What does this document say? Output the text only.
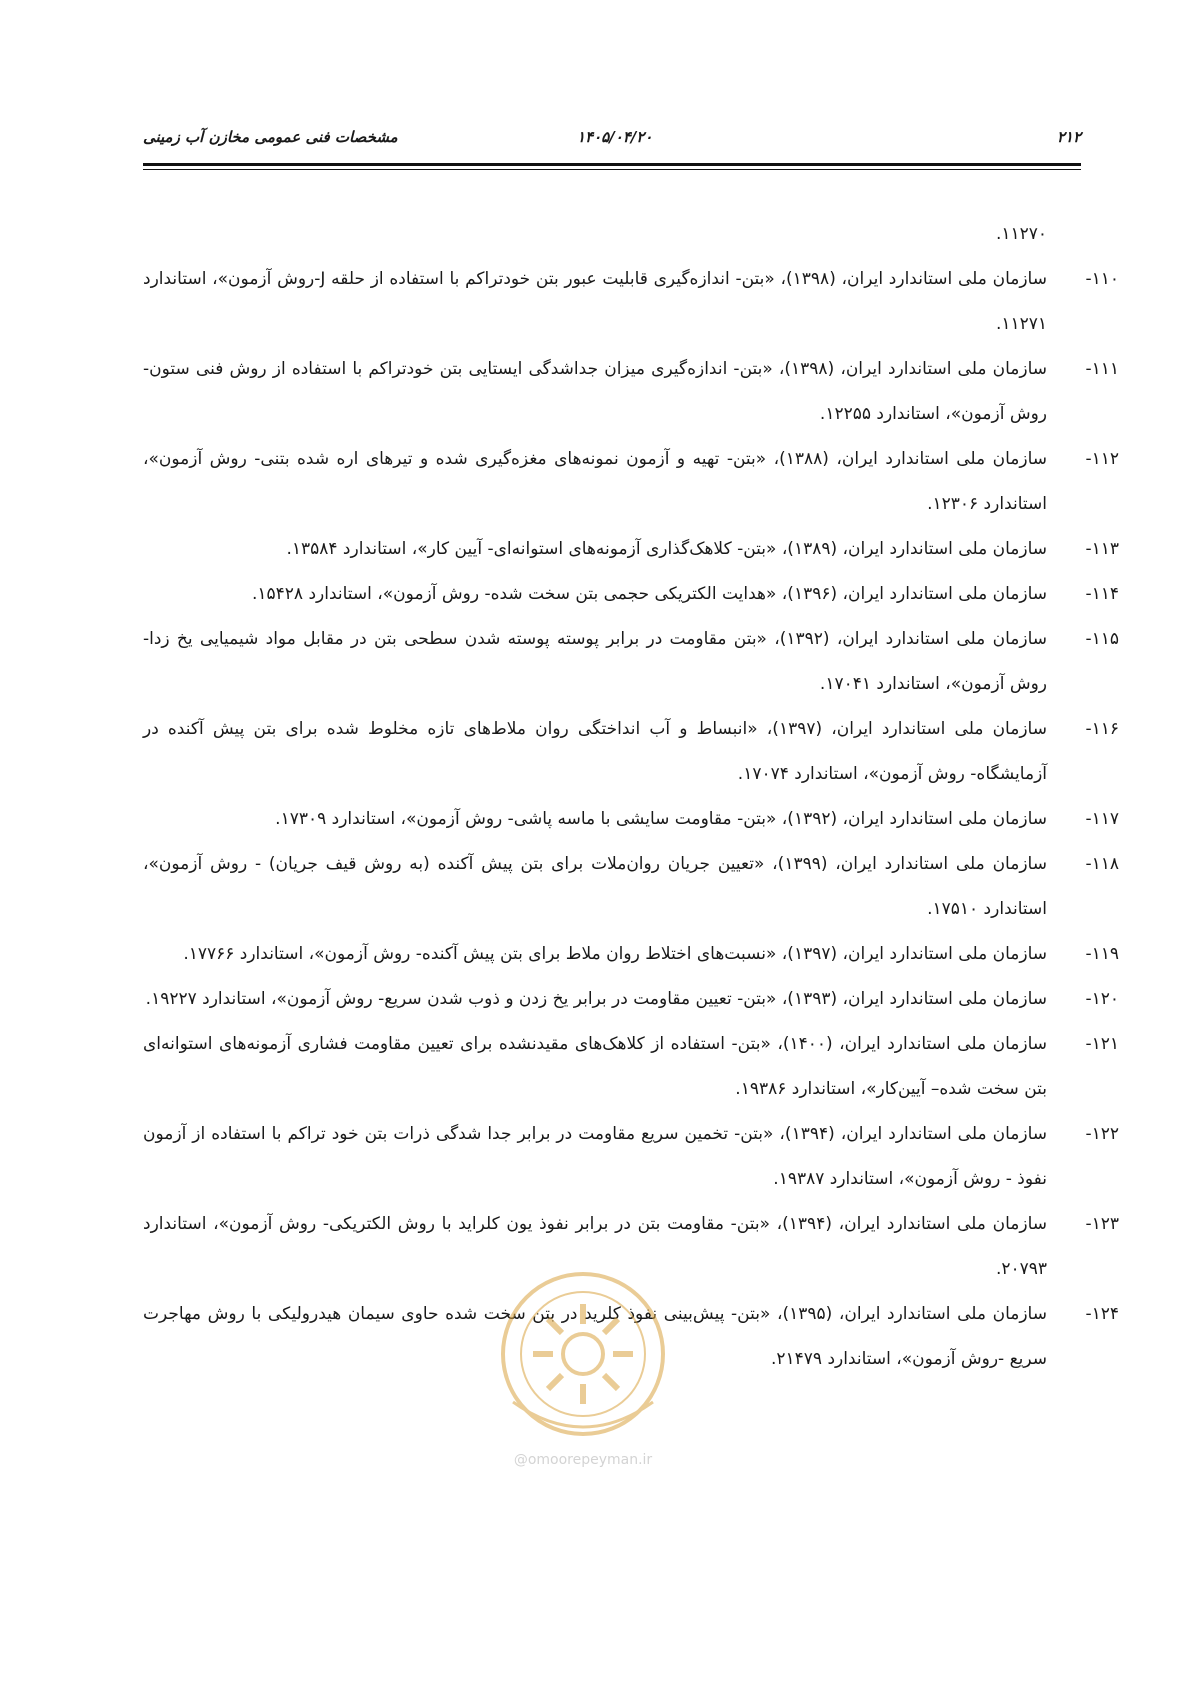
مشخصات فنی عمومی مخازن آب زمینی	۱۴۰۵/۰۴/۲۰	۲۱۲
۱۱۲۷۰.
۱۱۰-
سازمان ملی استاندارد ایران، (۱۳۹۸)، «بتن- اندازه‌گیری قابلیت عبور بتن خودتراکم با استفاده از حلقه J-روش آزمون»، استاندارد ۱۱۲۷۱.
۱۱۱-
سازمان ملی استاندارد ایران، (۱۳۹۸)، «بتن- اندازه‌گیری میزان جداشدگی ایستایی بتن خودتراکم با استفاده از روش فنی ستون- روش آزمون»، استاندارد ۱۲۲۵۵.
۱۱۲-
سازمان ملی استاندارد ایران، (۱۳۸۸)، «بتن- تهیه و آزمون نمونه‌های مغزه‌گیری شده و تیرهای اره شده بتنی- روش آزمون»، استاندارد ۱۲۳۰۶.
۱۱۳-
سازمان ملی استاندارد ایران، (۱۳۸۹)، «بتن- کلاهک‌گذاری آزمونه‌های استوانه‌ای- آیین کار»، استاندارد ۱۳۵۸۴.
۱۱۴-
سازمان ملی استاندارد ایران، (۱۳۹۶)، «هدایت الکتریکی حجمی بتن سخت شده- روش آزمون»، استاندارد ۱۵۴۲۸.
۱۱۵-
سازمان ملی استاندارد ایران، (۱۳۹۲)، «بتن مقاومت در برابر پوسته پوسته شدن سطحی بتن در مقابل مواد شیمیایی یخ زدا- روش آزمون»، استاندارد ۱۷۰۴۱.
۱۱۶-
سازمان ملی استاندارد ایران، (۱۳۹۷)، «انبساط و آب انداختگی روان ملاط‌های تازه مخلوط شده برای بتن پیش آکنده در آزمایشگاه- روش آزمون»، استاندارد ۱۷۰۷۴.
۱۱۷-
سازمان ملی استاندارد ایران، (۱۳۹۲)، «بتن- مقاومت سایشی با ماسه پاشی- روش آزمون»، استاندارد ۱۷۳۰۹.
۱۱۸-
سازمان ملی استاندارد ایران، (۱۳۹۹)، «تعیین جریان روان‌ملات برای بتن پیش آکنده (به روش قیف جریان) - روش آزمون»، استاندارد ۱۷۵۱۰.
۱۱۹-
سازمان ملی استاندارد ایران، (۱۳۹۷)، «نسبت‌های اختلاط روان ملاط برای بتن پیش آکنده- روش آزمون»، استاندارد ۱۷۷۶۶.
۱۲۰-
سازمان ملی استاندارد ایران، (۱۳۹۳)، «بتن- تعیین مقاومت در برابر یخ زدن و ذوب شدن سریع- روش آزمون»، استاندارد ۱۹۲۲۷.
۱۲۱-
سازمان ملی استاندارد ایران، (۱۴۰۰)، «بتن- استفاده از کلاهک‌های مقیدنشده برای تعیین مقاومت فشاری آزمونه‌های استوانه‌ای بتن سخت شده– آیین‌کار»، استاندارد ۱۹۳۸۶.
۱۲۲-
سازمان ملی استاندارد ایران، (۱۳۹۴)، «بتن- تخمین سریع مقاومت در برابر جدا شدگی ذرات بتن خود تراکم با استفاده از آزمون نفوذ - روش آزمون»، استاندارد ۱۹۳۸۷.
۱۲۳-
سازمان ملی استاندارد ایران، (۱۳۹۴)، «بتن- مقاومت بتن در برابر نفوذ یون کلراید با روش الکتریکی- روش آزمون»، استاندارد ۲۰۷۹۳.
۱۲۴-
سازمان ملی استاندارد ایران، (۱۳۹۵)، «بتن- پیش‌بینی نفوذ کلرید در بتن سخت شده حاوی سیمان هیدرولیکی با روش مهاجرت سریع -روش آزمون»، استاندارد ۲۱۴۷۹.
@omoorepeyman.ir
